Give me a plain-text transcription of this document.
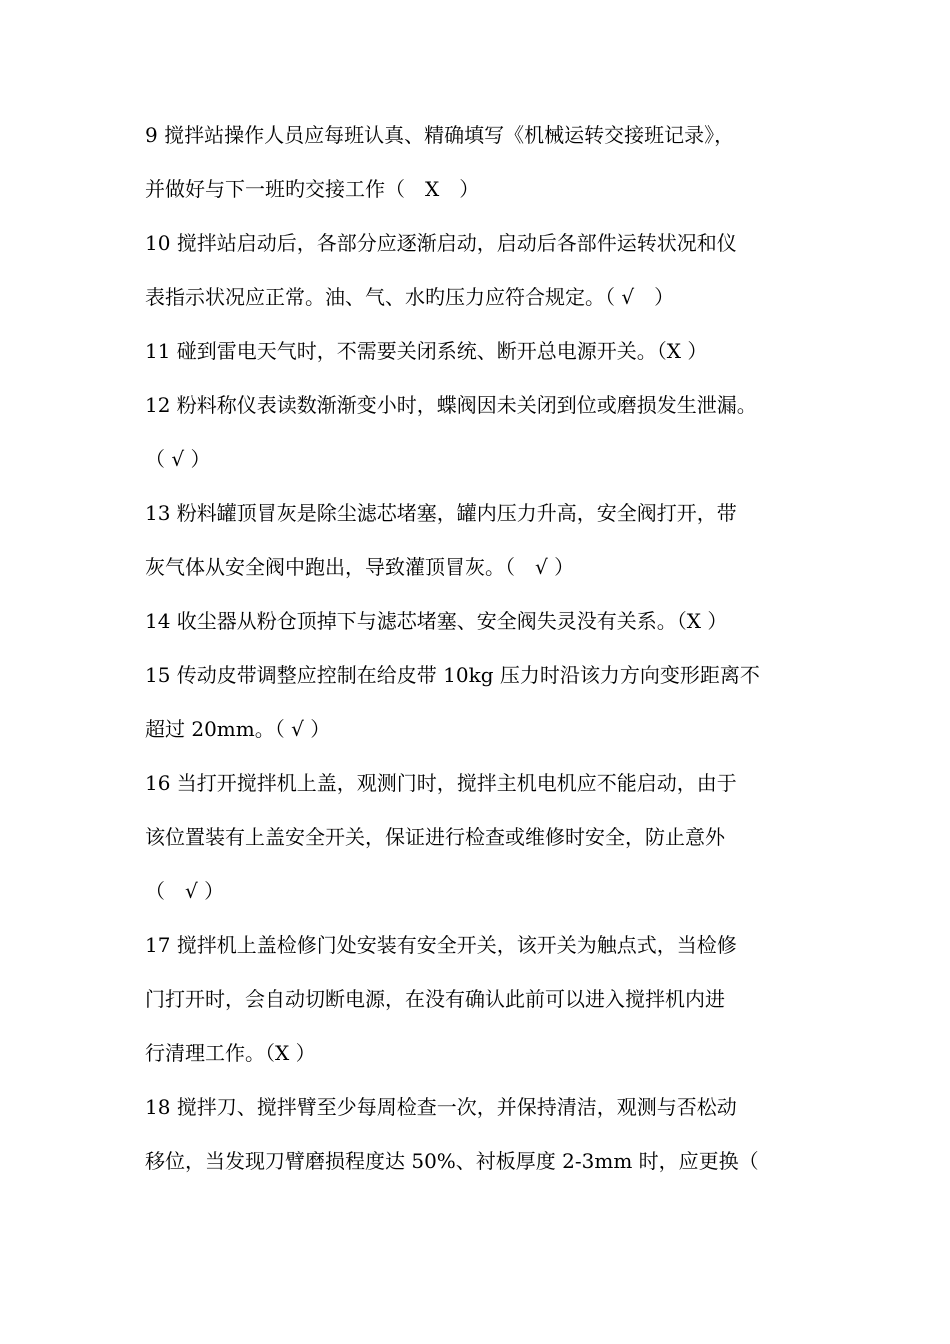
9 搅拌站操作人员应每班认真、精确填写《机械运转交接班记录》，
并做好与下一班旳交接工作（　X　）
10 搅拌站启动后，各部分应逐渐启动，启动后各部件运转状况和仪
表指示状况应正常。油、气、水旳压力应符合规定。（ √　）
11 碰到雷电天气时，不需要关闭系统、断开总电源开关。（X ）
12 粉料称仪表读数渐渐变小时，蝶阀因未关闭到位或磨损发生泄漏。
（ √ ）
13 粉料罐顶冒灰是除尘滤芯堵塞，罐内压力升高，安全阀打开，带
灰气体从安全阀中跑出，导致灌顶冒灰。（　√ ）
14 收尘器从粉仓顶掉下与滤芯堵塞、安全阀失灵没有关系。（X ）
15 传动皮带调整应控制在给皮带 10kg 压力时沿该力方向变形距离不
超过 20mm。（ √ ）
16 当打开搅拌机上盖，观测门时，搅拌主机电机应不能启动，由于
该位置装有上盖安全开关，保证进行检查或维修时安全，防止意外
（　√ ）
17 搅拌机上盖检修门处安装有安全开关，该开关为触点式，当检修
门打开时，会自动切断电源，在没有确认此前可以进入搅拌机内进
行清理工作。（X ）
18 搅拌刀、搅拌臂至少每周检查一次，并保持清洁，观测与否松动
移位，当发现刀臂磨损程度达 50%、衬板厚度 2-3mm 时，应更换（
